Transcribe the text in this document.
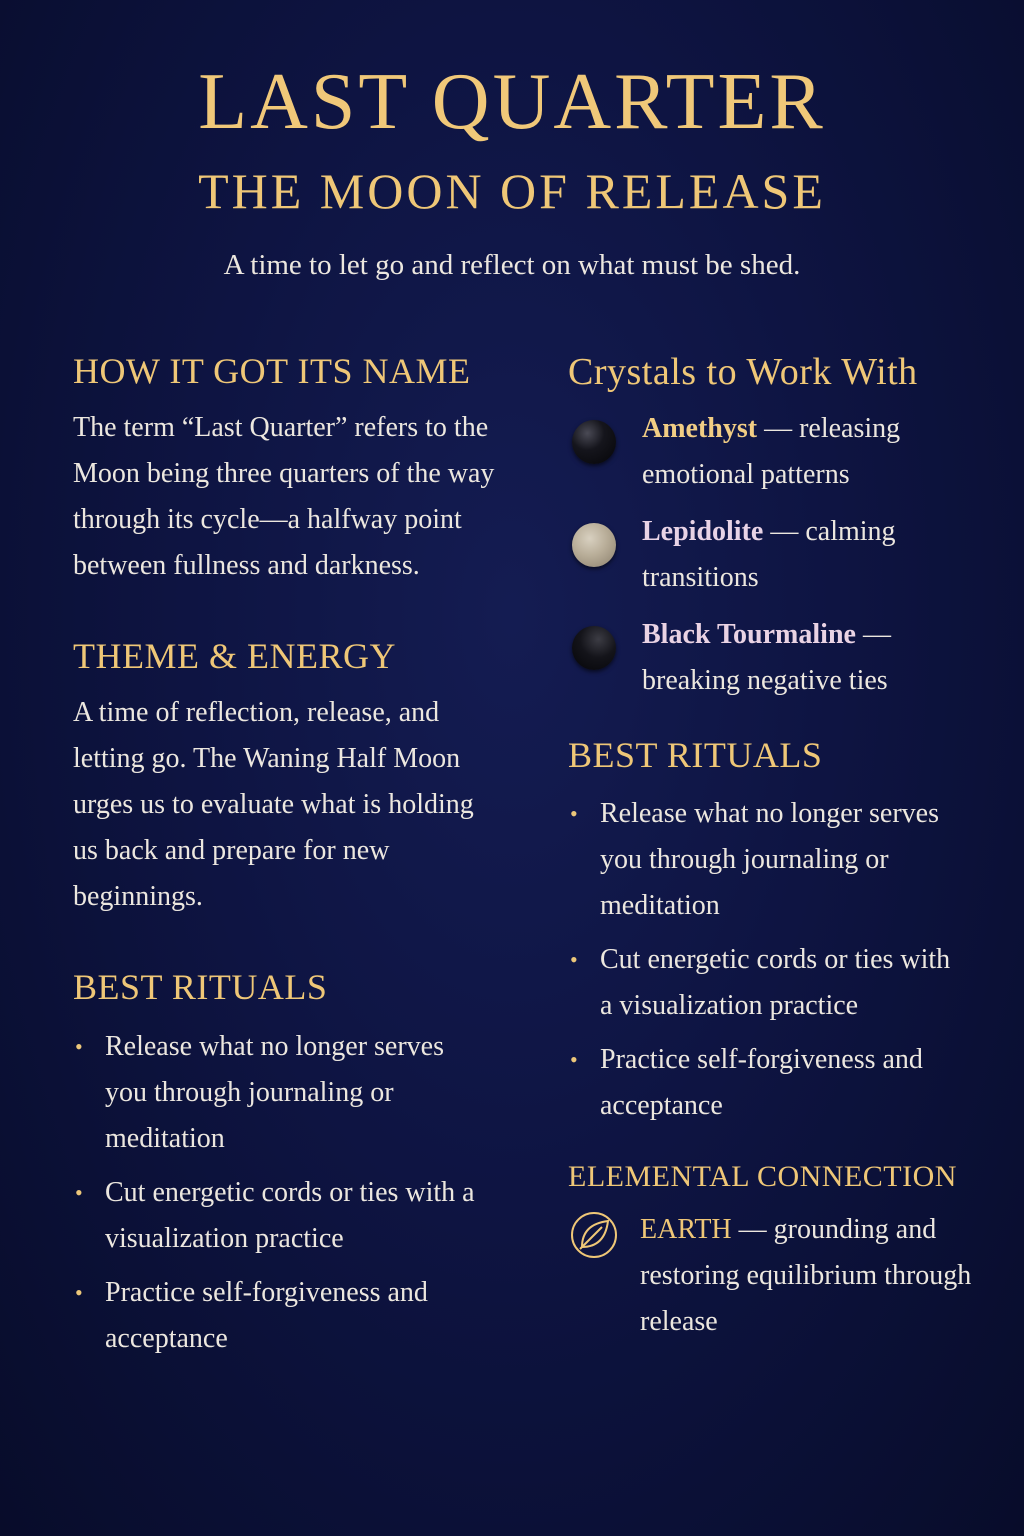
LAST QUARTER
THE MOON OF RELEASE
A time to let go and reflect on what must be shed.
HOW IT GOT ITS NAME

The term “Last Quarter” refers to the Moon being three quarters of the way through its cycle—a halfway point between fullness and darkness.

THEME & ENERGY

A time of reflection, release, and letting go. The Waning Half Moon urges us to evaluate what is holding us back and prepare for new beginnings.

BEST RITUALS
• Release what no longer serves you through journaling or meditation
• Cut energetic cords or ties with a visualization practice
• Practice self-forgiveness and acceptance
Crystals to Work With
Amethyst — releasing emotional patterns
Lepidolite — calming transitions
Black Tourmaline — breaking negative ties
BEST RITUALS
• Release what no longer serves you through journaling or meditation
• Cut energetic cords or ties with a visualization practice
• Practice self-forgiveness and acceptance
ELEMENTAL CONNECTION
EARTH — grounding and restoring equilibrium through release
